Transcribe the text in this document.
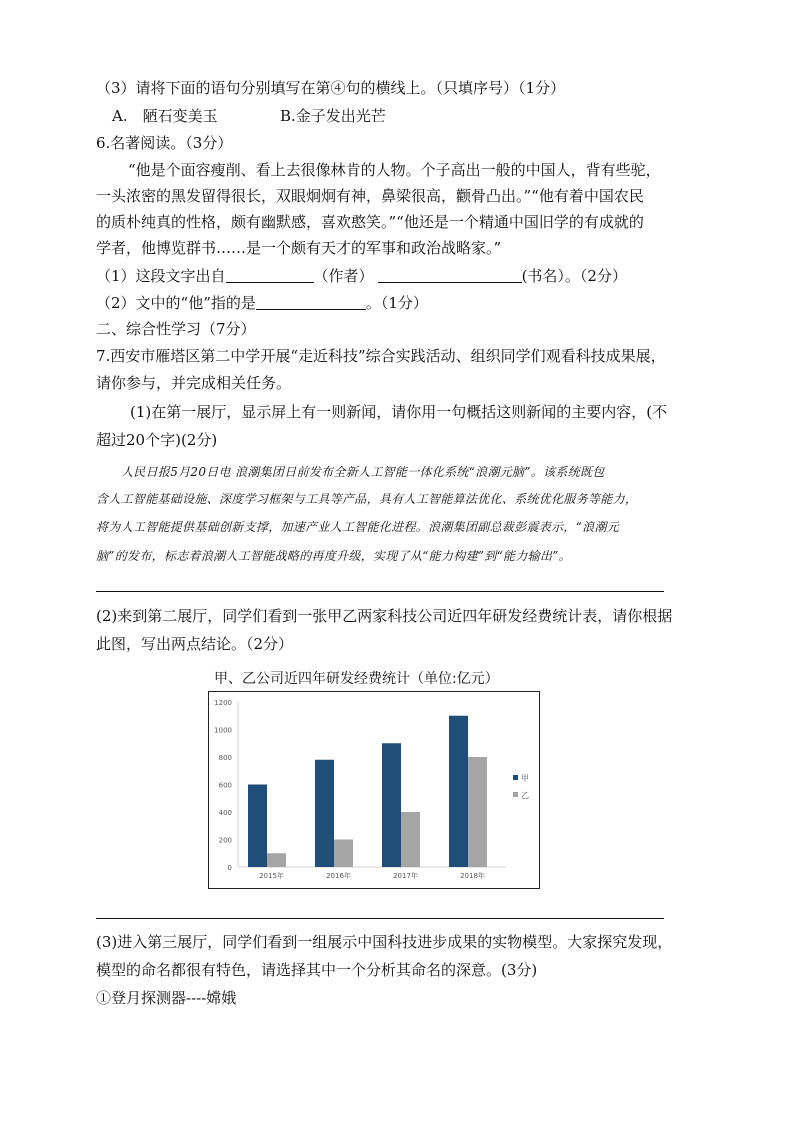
（3）请将下面的语句分别填写在第④句的横线上。（只填序号）（1分）
A.　陋石变美玉	B.金子发出光芒
6.名著阅读。（3分）
“他是个面容瘦削、看上去很像林肯的人物。个子高出一般的中国人，背有些驼，
一头浓密的黑发留得很长，双眼炯炯有神，鼻梁很高，颧骨凸出。”“他有着中国农民
的质朴纯真的性格，颇有幽默感，喜欢憨笑。”“他还是一个精通中国旧学的有成就的
学者，他博览群书……是一个颇有天才的军事和政治战略家。”
（1）这段文字出自	（作者）	(书名）。（2分）
（2）文中的“他”指的是	。（1分）
二、综合性学习（7分）
7.西安市雁塔区第二中学开展“走近科技”综合实践活动、组织同学们观看科技成果展，
请你参与，并完成相关任务。
(1)在第一展厅，显示屏上有一则新闻，请你用一句概括这则新闻的主要内容，(不
超过20个字)(2分)
人民日报5月20日电 浪潮集团日前发布全新人工智能一体化系统“浪潮元脑”。该系统既包
含人工智能基础设施、深度学习框架与工具等产品，具有人工智能算法优化、系统优化服务等能力，
将为人工智能提供基础创新支撑，加速产业人工智能化进程。浪潮集团副总裁彭震表示，“浪潮元
脑”的发布，标志着浪潮人工智能战略的再度升级，实现了从“能力构建”到“能力输出”。
(2)来到第二展厅，同学们看到一张甲乙两家科技公司近四年研发经费统计表，请你根据
此图，写出两点结论。（2分）
甲、乙公司近四年研发经费统计（单位:亿元）
0
200
400
600
800
1000
1200
2015年	2016年	2017年	2018年
甲
乙
(3)进入第三展厅，同学们看到一组展示中国科技进步成果的实物模型。大家探究发现，
模型的命名都很有特色，请选择其中一个分析其命名的深意。(3分)
①登月探测器----嫦娥
